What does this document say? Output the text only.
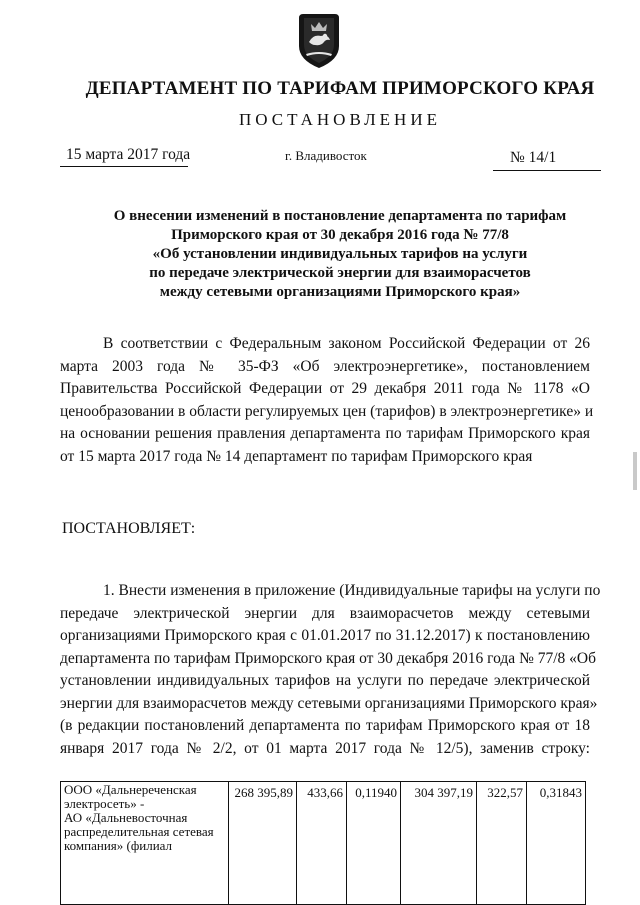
ДЕПАРТАМЕНТ ПО ТАРИФАМ ПРИМОРСКОГО КРАЯ
ПОСТАНОВЛЕНИЕ
15 марта 2017 года	г. Владивосток	№ 14/1
О внесении изменений в постановление департамента по тарифам
Приморского края от 30 декабря 2016 года № 77/8
«Об установлении индивидуальных тарифов на услуги
по передаче электрической энергии для взаиморасчетов
между сетевыми организациями Приморского края»
В соответствии с Федеральным законом Российской Федерации от 26
марта 2003 года № 35-ФЗ «Об электроэнергетике», постановлением
Правительства Российской Федерации от 29 декабря 2011 года № 1178 «О
ценообразовании в области регулируемых цен (тарифов) в электроэнергетике» и
на основании решения правления департамента по тарифам Приморского края
от 15 марта 2017 года № 14 департамент по тарифам Приморского края
ПОСТАНОВЛЯЕТ:
1. Внести изменения в приложение (Индивидуальные тарифы на услуги по
передаче электрической энергии для взаиморасчетов между сетевыми
организациями Приморского края с 01.01.2017 по 31.12.2017) к постановлению
департамента по тарифам Приморского края от 30 декабря 2016 года № 77/8 «Об
установлении индивидуальных тарифов на услуги по передаче электрической
энергии для взаиморасчетов между сетевыми организациями Приморского края»
(в редакции постановлений департамента по тарифам Приморского края от 18
января 2017 года № 2/2, от 01 марта 2017 года № 12/5), заменив строку:
ООО «Дальнереченская
электросеть» -
АО «Дальневосточная
распределительная сетевая
компания» (филиал
	268 395,89	433,66	0,11940	304 397,19	322,57	0,31843
